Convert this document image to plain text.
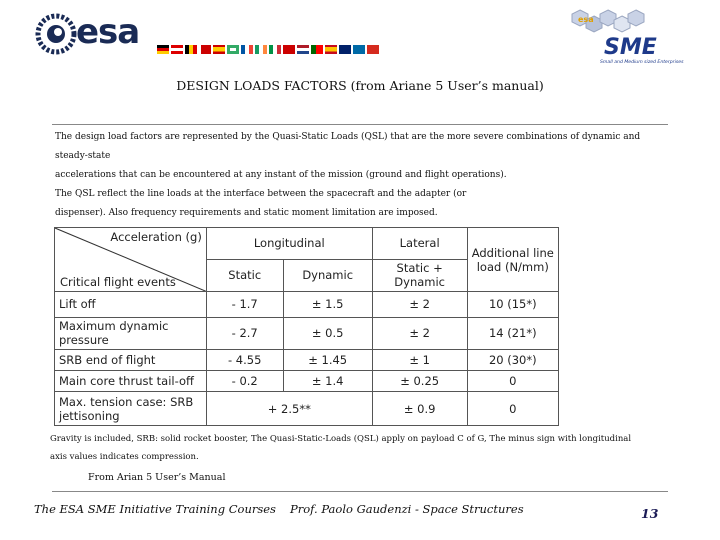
esa	esa
SME
Small and Medium sized Enterprises
DESIGN LOADS FACTORS (from Ariane 5 User’s manual)

The design load factors are represented by the Quasi-Static Loads (QSL) that are the more severe combinations of dynamic and steady-state

accelerations that can be encountered at any instant of the mission (ground and flight operations).

The QSL reflect the line loads at the interface between the spacecraft and the adapter (or

dispenser). Also frequency requirements and static moment limitation are imposed.

Acceleration (g)
Critical flight events	Longitudinal		Lateral	Additional line load (N/mm)
	Static	Dynamic	Static + Dynamic	
Lift off	- 1.7	± 1.5	± 2	10 (15*)
Maximum dynamic pressure	- 2.7	± 0.5	± 2	14 (21*)
SRB end of flight	- 4.55	± 1.45	± 1	20 (30*)
Main core thrust tail-off	- 0.2	± 1.4	± 0.25	0
Max. tension case: SRB jettisoning	+ 2.5**		± 0.9	0

Gravity is included, SRB: solid rocket booster, The Quasi-Static-Loads (QSL) apply on payload C of G, The minus sign with longitudinal

axis values indicates compression.

From Arian 5 User’s Manual
The ESA SME Initiative Training Courses Prof. Paolo Gaudenzi - Space Structures	13
